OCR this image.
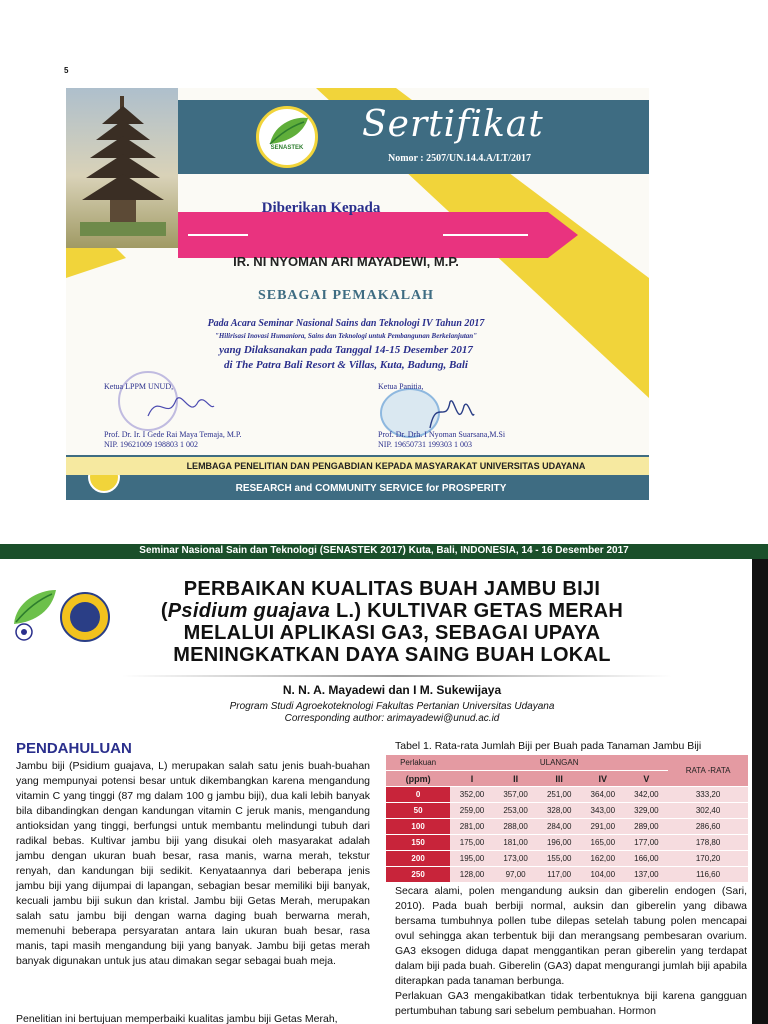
5
SENASTEK
Sertifikat
Nomor : 2507/UN.14.4.A/LT/2017
Diberikan Kepada
IR. NI NYOMAN ARI MAYADEWI, M.P.
SEBAGAI PEMAKALAH
Pada Acara Seminar Nasional Sains dan Teknologi IV Tahun 2017
"Hilirisasi Inovasi Humaniora, Sains dan Teknologi untuk Pembangunan Berkelanjutan"
yang Dilaksanakan pada Tanggal 14-15 Desember 2017
di The Patra Bali Resort & Villas, Kuta, Badung, Bali
Ketua LPPM UNUD,	Ketua Panitia,
Prof. Dr. Ir. I Gede Rai Maya Temaja, M.P.
NIP. 19621009 198803 1 002
Prof. Dr. Drh. I Nyoman Suarsana,M.Si
NIP. 19650731 199303 1 003
LEMBAGA PENELITIAN DAN PENGABDIAN KEPADA MASYARAKAT UNIVERSITAS UDAYANA
RESEARCH and COMMUNITY SERVICE for PROSPERITY
Seminar Nasional Sain dan Teknologi (SENASTEK 2017) Kuta, Bali, INDONESIA, 14 - 16 Desember 2017
PERBAIKAN KUALITAS BUAH JAMBU BIJI
(Psidium guajava L.) KULTIVAR GETAS MERAH
MELALUI APLIKASI GA3, SEBAGAI UPAYA
MENINGKATKAN DAYA SAING BUAH LOKAL
N. N. A. Mayadewi dan I M. Sukewijaya
Program Studi Agroekoteknologi Fakultas Pertanian Universitas Udayana
Corresponding author: arimayadewi@unud.ac.id
PENDAHULUAN
Jambu biji (Psidium guajava, L) merupakan salah satu jenis buah-buahan yang mempunyai potensi besar untuk dikembangkan karena mengandung vitamin C yang tinggi (87 mg dalam 100 g jambu biji), dua kali lebih banyak bila dibandingkan dengan kandungan vitamin C jeruk manis, mengandung antioksidan yang tinggi, berfungsi untuk membantu melindungi tubuh dari radikal bebas. Kultivar jambu biji yang disukai oleh masyarakat adalah jambu dengan ukuran buah besar, rasa manis, warna merah, tekstur renyah, dan kandungan biji sedikit. Kenyataannya dari beberapa jenis jambu biji yang dijumpai di lapangan, sebagian besar memiliki biji banyak, kecuali jambu biji sukun dan kristal. Jambu biji Getas Merah, merupakan salah satu jambu biji dengan warna daging buah berwarna merah, memenuhi beberapa persyaratan antara lain ukuran buah besar, rasa manis, tapi masih mengandung biji yang banyak. Jambu biji getas merah banyak digunakan untuk jus atau dimakan segar sebagai buah meja.
Penelitian ini bertujuan memperbaiki kualitas jambu biji Getas Merah,
Tabel 1. Rata-rata Jumlah Biji per Buah pada Tanaman Jambu Biji
Perlakuan	ULANGAN					RATA -RATA
(ppm)	I	II	III	IV	V	
0	352,00	357,00	251,00	364,00	342,00	333,20
50	259,00	253,00	328,00	343,00	329,00	302,40
100	281,00	288,00	284,00	291,00	289,00	286,60
150	175,00	181,00	196,00	165,00	177,00	178,80
200	195,00	173,00	155,00	162,00	166,00	170,20
250	128,00	97,00	117,00	104,00	137,00	116,60
Secara alami, polen mengandung auksin dan giberelin endogen (Sari, 2010). Pada buah berbiji normal, auksin dan giberelin yang dibawa bersama tumbuhnya pollen tube dilepas setelah tabung polen mencapai ovul sehingga akan terbentuk biji dan merangsang pembesaran ovarium. GA3 eksogen diduga dapat menggantikan peran giberelin yang terdapat dalam biji pada buah. Giberelin (GA3) dapat mengurangi jumlah biji apabila diterapkan pada tanaman berbunga.
Perlakuan GA3 mengakibatkan tidak terbentuknya biji karena gangguan pertumbuhan tabung sari sebelum pembuahan. Hormon
